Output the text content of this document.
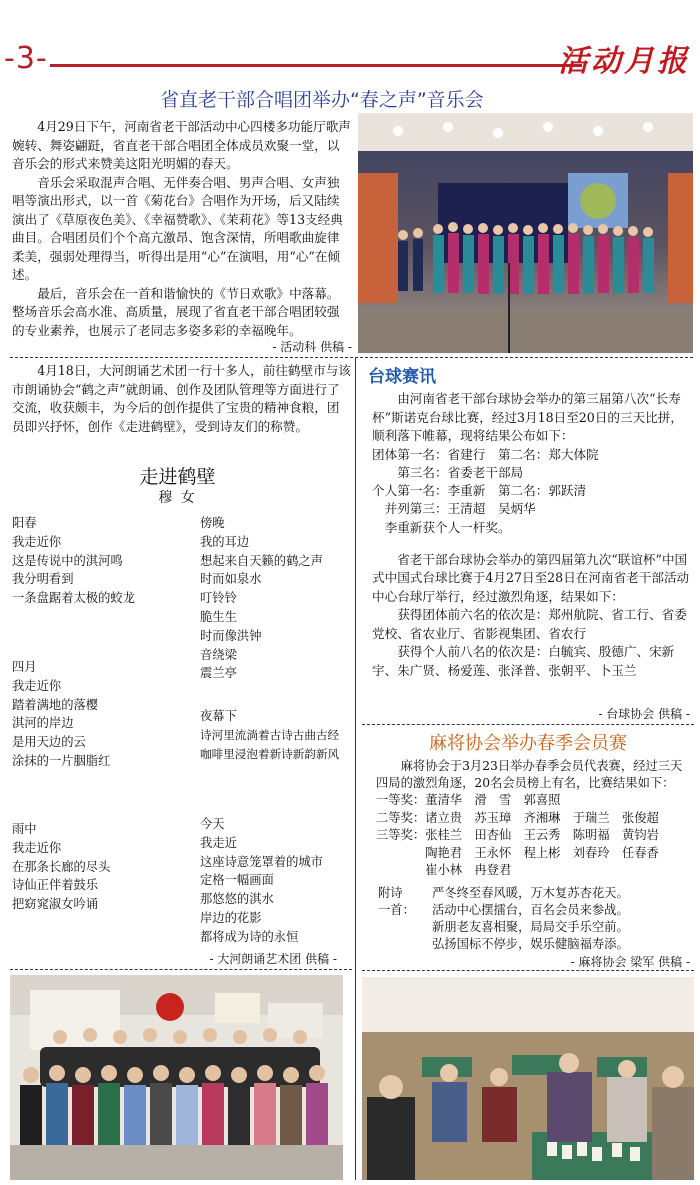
-3-	活动月报
省直老干部合唱团举办“春之声”音乐会

4月29日下午，河南省老干部活动中心四楼多功能厅歌声婉转、舞姿翩跹，省直老干部合唱团全体成员欢聚一堂，以音乐会的形式来赞美这阳光明媚的春天。

音乐会采取混声合唱、无伴奏合唱、男声合唱、女声独唱等演出形式，以一首《菊花台》合唱作为开场，后又陆续演出了《草原夜色美》、《幸福赞歌》、《茉莉花》等13支经典曲目。合唱团员们个个高亢激昂、饱含深情，所唱歌曲旋律柔美，强弱处理得当，听得出是用“心”在演唱，用“心”在倾述。

最后，音乐会在一首和谐愉快的《节日欢歌》中落幕。整场音乐会高水准、高质量，展现了省直老干部合唱团较强的专业素养，也展示了老同志多姿多彩的幸福晚年。

- 活动科 供稿 -

4月18日，大河朗诵艺术团一行十多人，前往鹤壁市与该市朗诵协会“鹤之声”就朗诵、创作及团队管理等方面进行了交流，收获颇丰，为今后的创作提供了宝贵的精神食粮，团员即兴抒怀，创作《走进鹤壁》，受到诗友们的称赞。

走进鹤壁
穆 女

阳春

我走近你

这是传说中的淇河鸣

我分明看到

一条盘踞着太极的蛟龙

傍晚

我的耳边

想起来自天籁的鹤之声

时而如泉水

叮铃铃

脆生生

时而像洪钟

音绕梁

震兰亭

四月

我走近你

踏着满地的落樱

淇河的岸边

是用天边的云

涂抹的一片胭脂红

夜幕下

诗河里流淌着古诗古曲古经

咖啡里浸泡着新诗新韵新风

雨中

我走近你

在那条长廊的尽头

诗仙正伴着鼓乐

把窈窕淑女吟诵

今天

我走近

这座诗意笼罩着的城市

定格一幅画面

那悠悠的淇水

岸边的花影

都将成为诗的永恒

- 大河朗诵艺术团 供稿 -
台球赛讯

由河南省老干部台球协会举办的第三届第八次“长寿杯”斯诺克台球比赛，经过3月18日至20日的三天比拼，顺利落下帷幕，现将结果公布如下：

团体第一名：省建行　第二名：郑大体院

　　第三名：省委老干部局

个人第一名：李重新　第二名：郭跃清

　并列第三：王清超　吴炳华

　李重新获个人一杆奖。

省老干部台球协会举办的第四届第九次“联谊杯”中国式中国式台球比赛于4月27日至28日在河南省老干部活动中心台球厅举行，经过激烈角逐，结果如下：

获得团体前六名的依次是：郑州航院、省工行、省委党校、省农业厅、省影视集团、省农行

获得个人前八名的依次是：白毓宾、殷德广、宋新宇、朱广贤、杨爱莲、张泽普、张朝平、卜玉兰

- 台球协会 供稿 -
麻将协会举办春季会员赛

麻将协会于3月23日举办春季会员代表赛，经过三天四局的激烈角逐，20名会员榜上有名，比赛结果如下：

一等奖：董清华　滑　雪　郭喜照

二等奖：诸立贵　苏玉璋　齐湘琳　于瑞兰　张俊超

三等奖：张桂兰　田杏仙　王云秀　陈明福　黄钧岩

　　　　陶艳君　王永怀　程上彬　刘春玲　任春香

　　　　崔小林　冉登君

附诗

一首：

严冬终至春风暖，万木复苏杏花天。

活动中心摆擂台，百名会员来参战。

新朋老友喜相聚，局局交手乐空前。

弘扬国标不停步，娱乐健脑福寿添。

- 麻将协会 梁军 供稿 -
